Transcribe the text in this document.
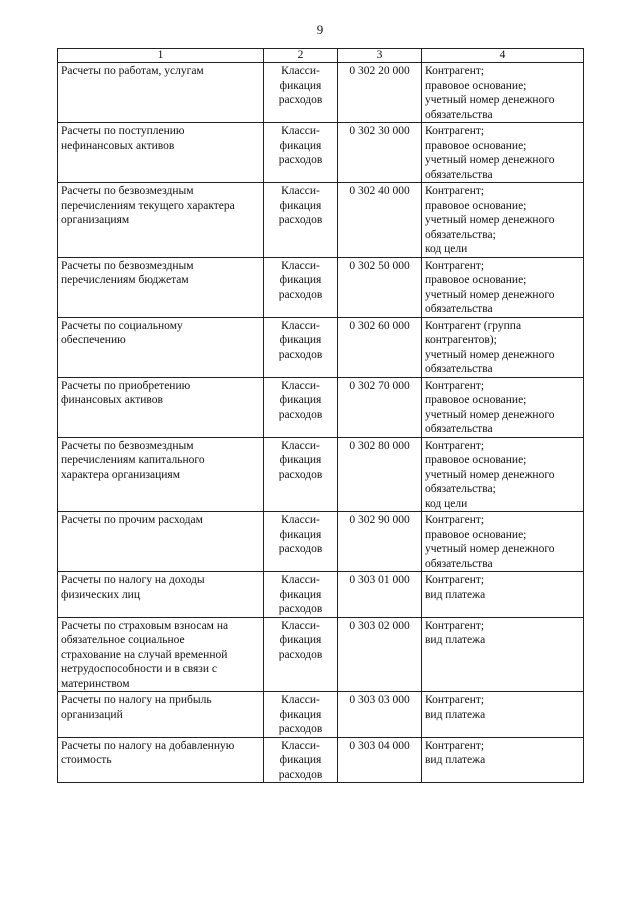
9
1	2	3	4

Расчеты по работам, услугам	Класси-
фикация
расходов	0 302 20 000	Контрагент;
правовое основание;
учетный номер денежного
обязательства

Расчеты по поступлению
нефинансовых активов	Класси-
фикация
расходов	0 302 30 000	Контрагент;
правовое основание;
учетный номер денежного
обязательства

Расчеты по безвозмездным
перечислениям текущего характера
организациям	Класси-
фикация
расходов	0 302 40 000	Контрагент;
правовое основание;
учетный номер денежного
обязательства;
код цели

Расчеты по безвозмездным
перечислениям бюджетам	Класси-
фикация
расходов	0 302 50 000	Контрагент;
правовое основание;
учетный номер денежного
обязательства

Расчеты по социальному
обеспечению	Класси-
фикация
расходов	0 302 60 000	Контрагент (группа
контрагентов);
учетный номер денежного
обязательства

Расчеты по приобретению
финансовых активов	Класси-
фикация
расходов	0 302 70 000	Контрагент;
правовое основание;
учетный номер денежного
обязательства

Расчеты по безвозмездным
перечислениям капитального
характера организациям	Класси-
фикация
расходов	0 302 80 000	Контрагент;
правовое основание;
учетный номер денежного
обязательства;
код цели

Расчеты по прочим расходам	Класси-
фикация
расходов	0 302 90 000	Контрагент;
правовое основание;
учетный номер денежного
обязательства

Расчеты по налогу на доходы
физических лиц	Класси-
фикация
расходов	0 303 01 000	Контрагент;
вид платежа

Расчеты по страховым взносам на
обязательное социальное
страхование на случай временной
нетрудоспособности и в связи с
материнством	Класси-
фикация
расходов	0 303 02 000	Контрагент;
вид платежа

Расчеты по налогу на прибыль
организаций	Класси-
фикация
расходов	0 303 03 000	Контрагент;
вид платежа

Расчеты по налогу на добавленную
стоимость	Класси-
фикация
расходов	0 303 04 000	Контрагент;
вид платежа
